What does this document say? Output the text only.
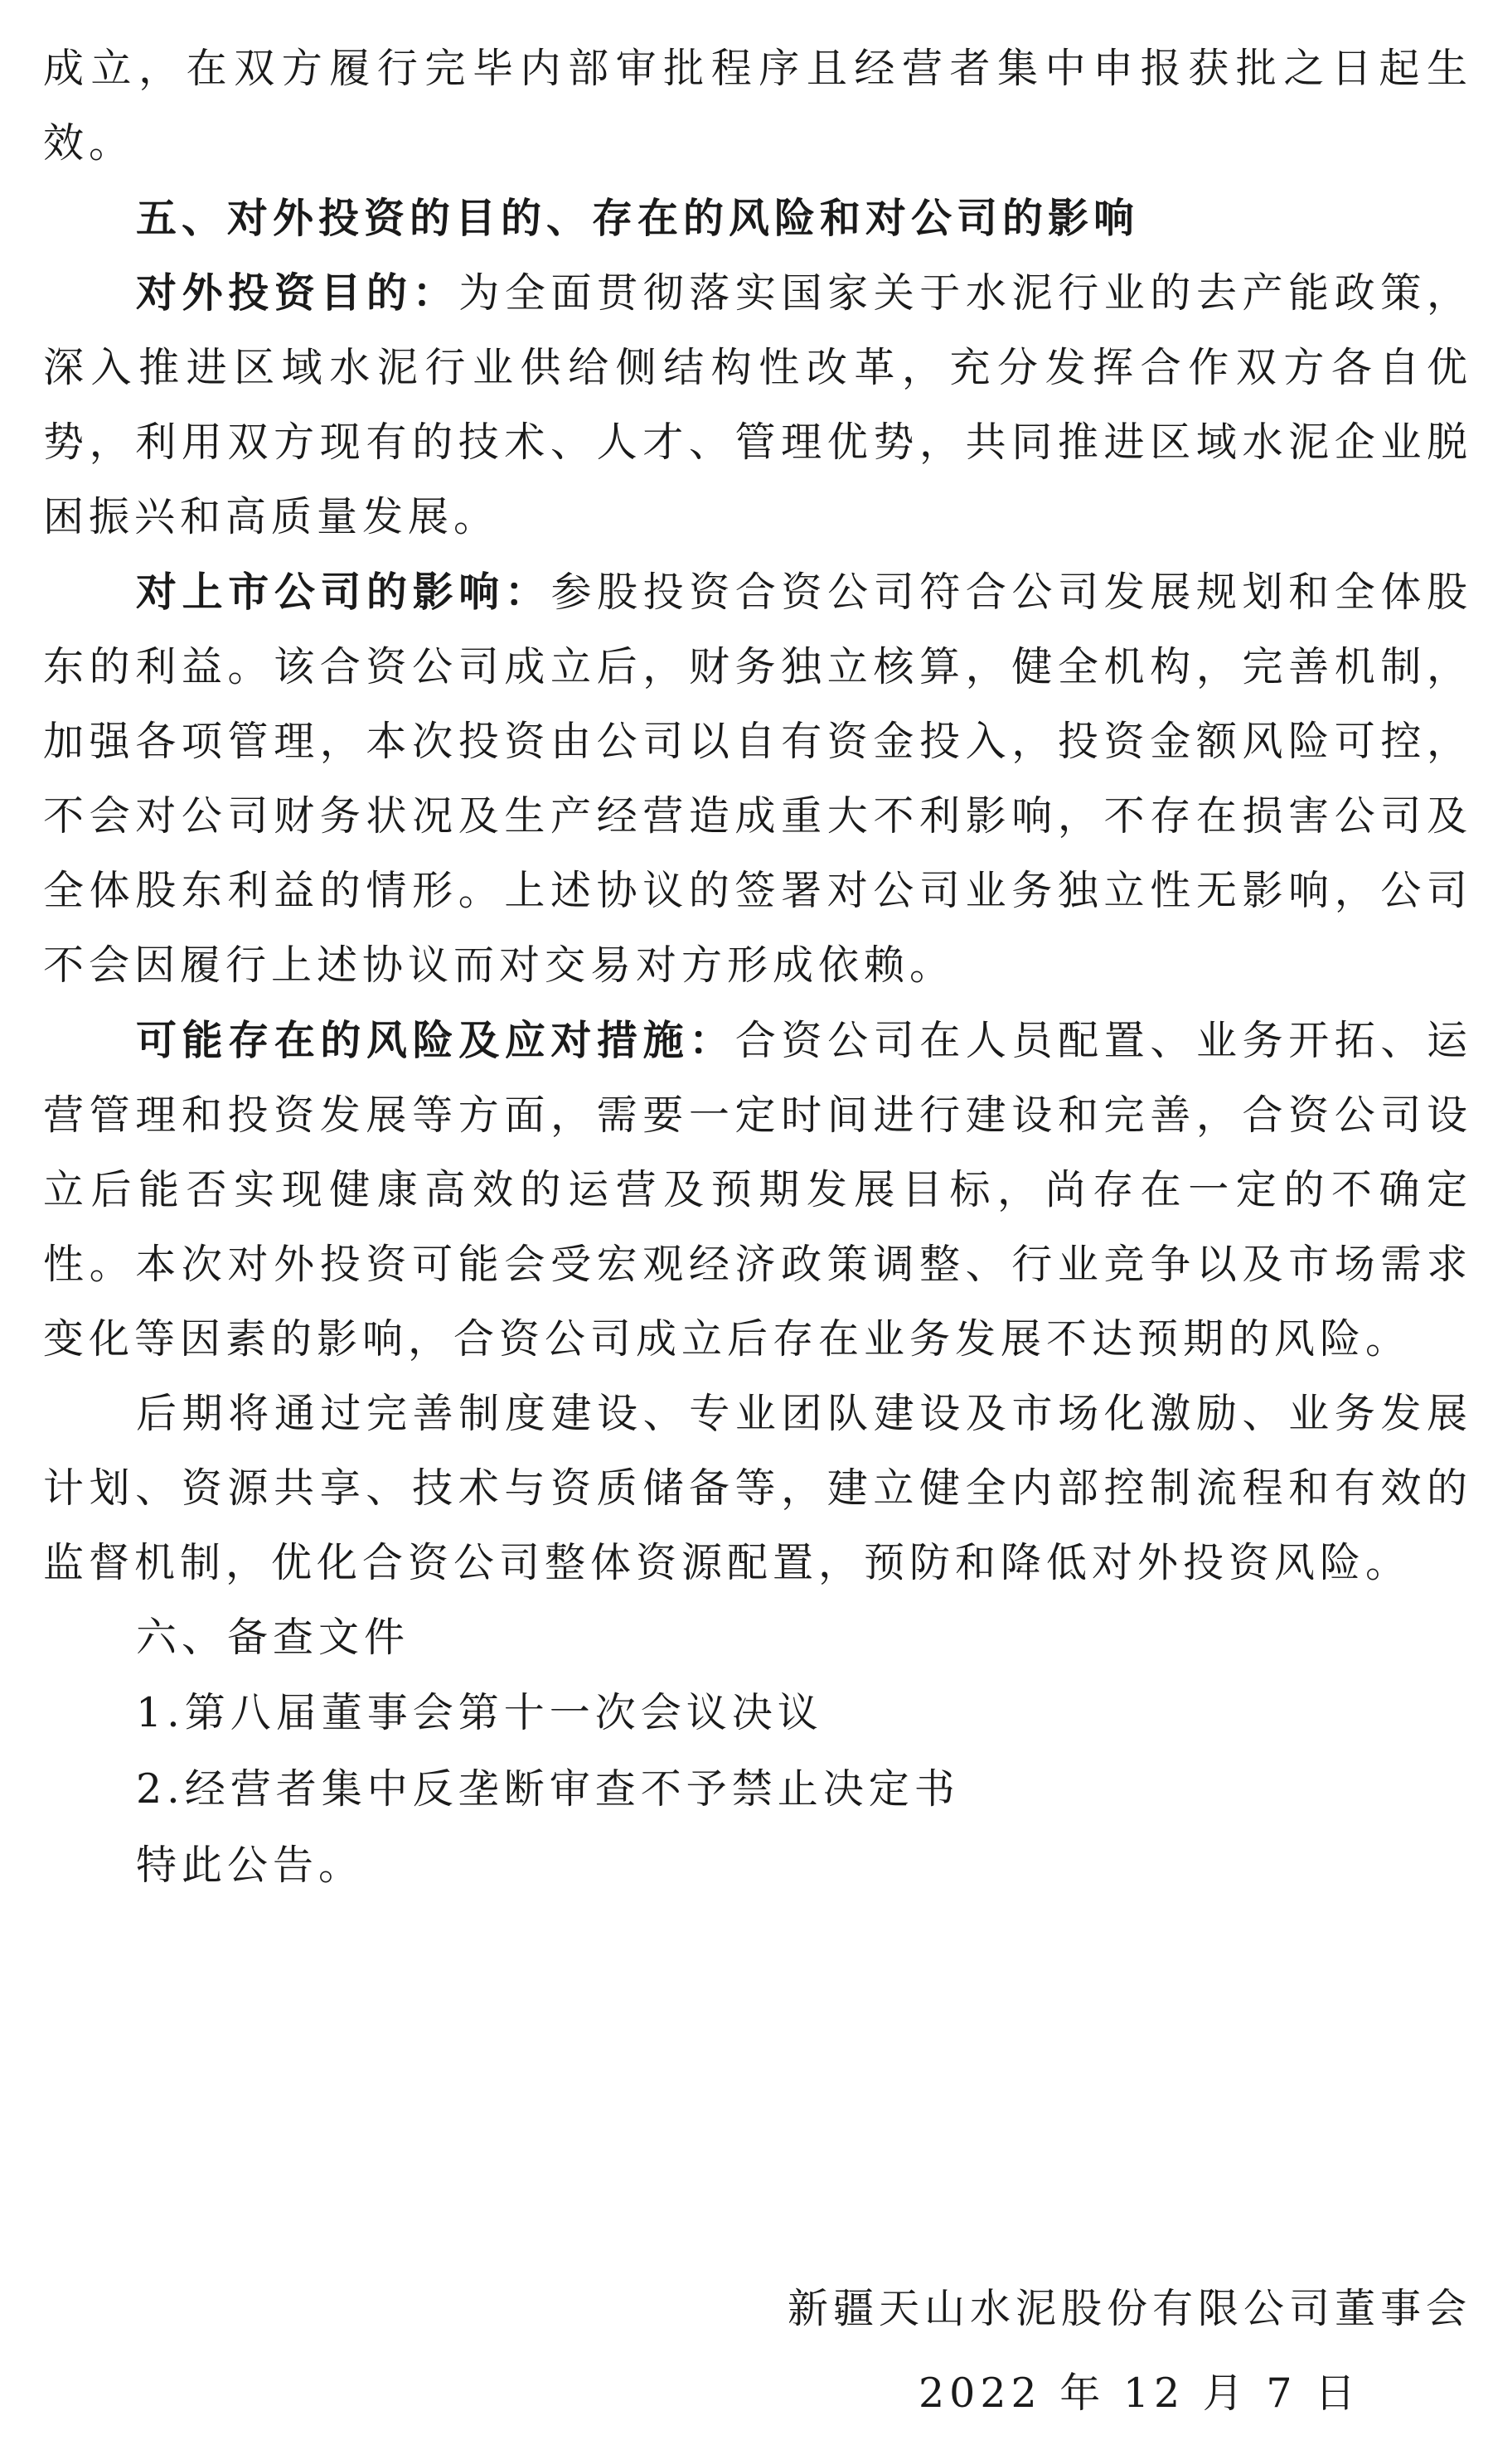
成立，在双方履行完毕内部审批程序且经营者集中申报获批之日起生效。

五、对外投资的目的、存在的风险和对公司的影响

对外投资目的：为全面贯彻落实国家关于水泥行业的去产能政策，深入推进区域水泥行业供给侧结构性改革，充分发挥合作双方各自优势，利用双方现有的技术、人才、管理优势，共同推进区域水泥企业脱困振兴和高质量发展。

对上市公司的影响：参股投资合资公司符合公司发展规划和全体股东的利益。该合资公司成立后，财务独立核算，健全机构，完善机制，加强各项管理，本次投资由公司以自有资金投入，投资金额风险可控，不会对公司财务状况及生产经营造成重大不利影响，不存在损害公司及全体股东利益的情形。上述协议的签署对公司业务独立性无影响，公司不会因履行上述协议而对交易对方形成依赖。

可能存在的风险及应对措施：合资公司在人员配置、业务开拓、运营管理和投资发展等方面，需要一定时间进行建设和完善，合资公司设立后能否实现健康高效的运营及预期发展目标，尚存在一定的不确定性。本次对外投资可能会受宏观经济政策调整、行业竞争以及市场需求变化等因素的影响，合资公司成立后存在业务发展不达预期的风险。

后期将通过完善制度建设、专业团队建设及市场化激励、业务发展计划、资源共享、技术与资质储备等，建立健全内部控制流程和有效的监督机制，优化合资公司整体资源配置，预防和降低对外投资风险。

六、备查文件

1.第八届董事会第十一次会议决议

2.经营者集中反垄断审查不予禁止决定书

特此公告。

新疆天山水泥股份有限公司董事会
2022 年 12 月 7 日
